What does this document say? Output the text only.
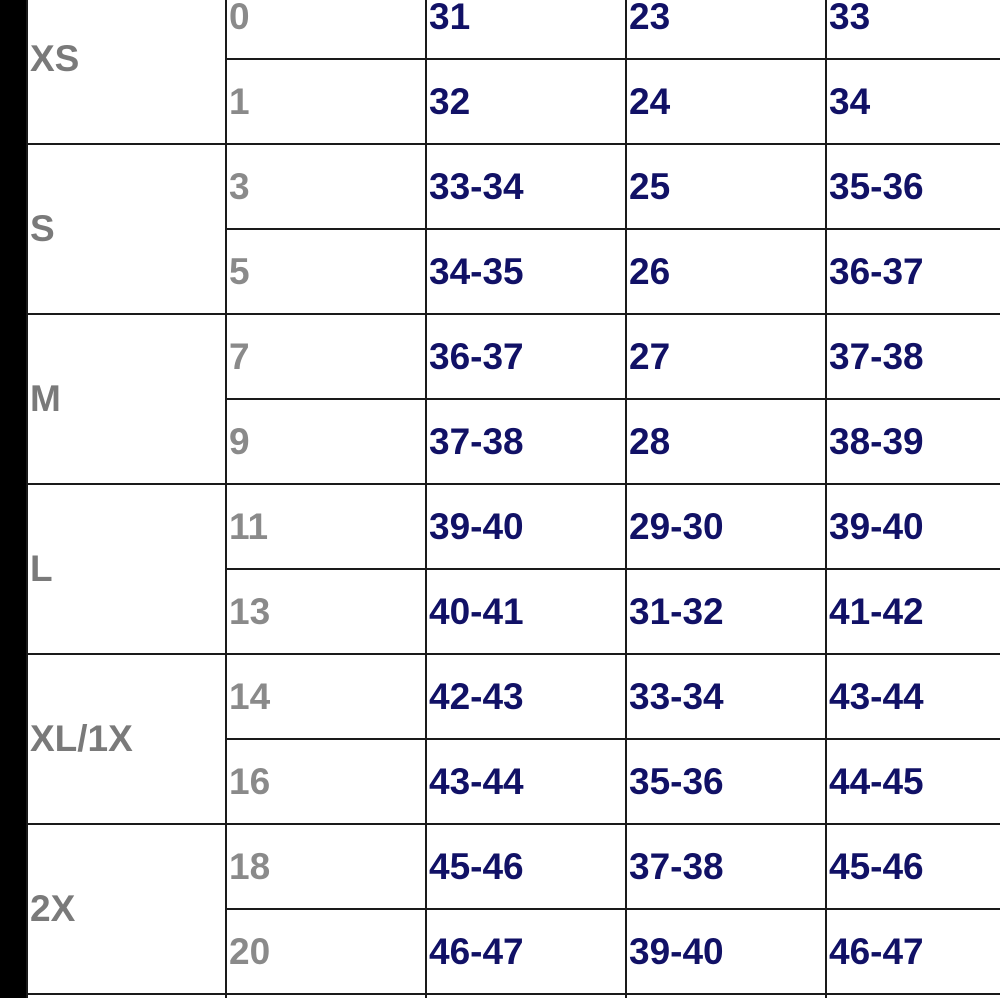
XS	0	31	23	33
	1	32	24	34
S	3	33-34	25	35-36
	5	34-35	26	36-37
M	7	36-37	27	37-38
	9	37-38	28	38-39
L	11	39-40	29-30	39-40
	13	40-41	31-32	41-42
XL/1X	14	42-43	33-34	43-44
	16	43-44	35-36	44-45
2X	18	45-46	37-38	45-46
	20	46-47	39-40	46-47
